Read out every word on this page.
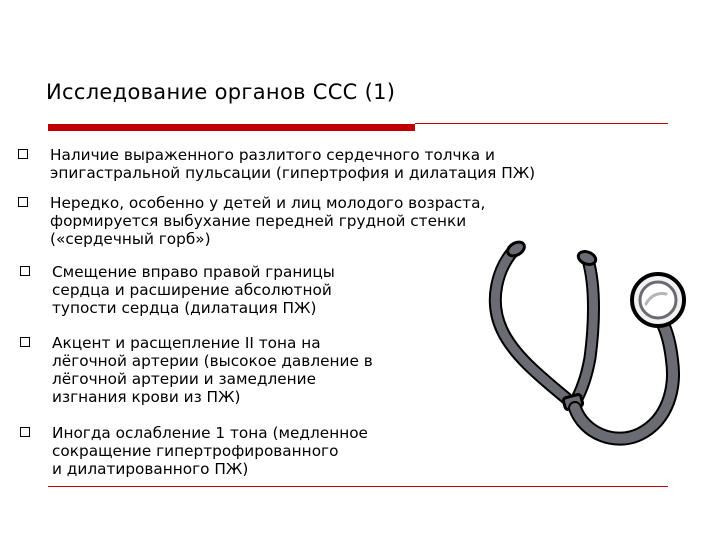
Исследование органов ССС (1)
Наличие выраженного разлитого сердечного толчка и
эпигастральной пульсации (гипертрофия и дилатация ПЖ)
Нередко, особенно у детей и лиц молодого возраста,
формируется выбухание передней грудной стенки
(«сердечный горб»)
Смещение вправо правой границы
сердца и расширение абсолютной
тупости сердца (дилатация ПЖ)
Акцент и расщепление II тона на
лёгочной артерии (высокое давление в
лёгочной артерии и замедление
изгнания крови из ПЖ)
Иногда ослабление 1 тона (медленное
сокращение гипертрофированного
и дилатированного ПЖ)
